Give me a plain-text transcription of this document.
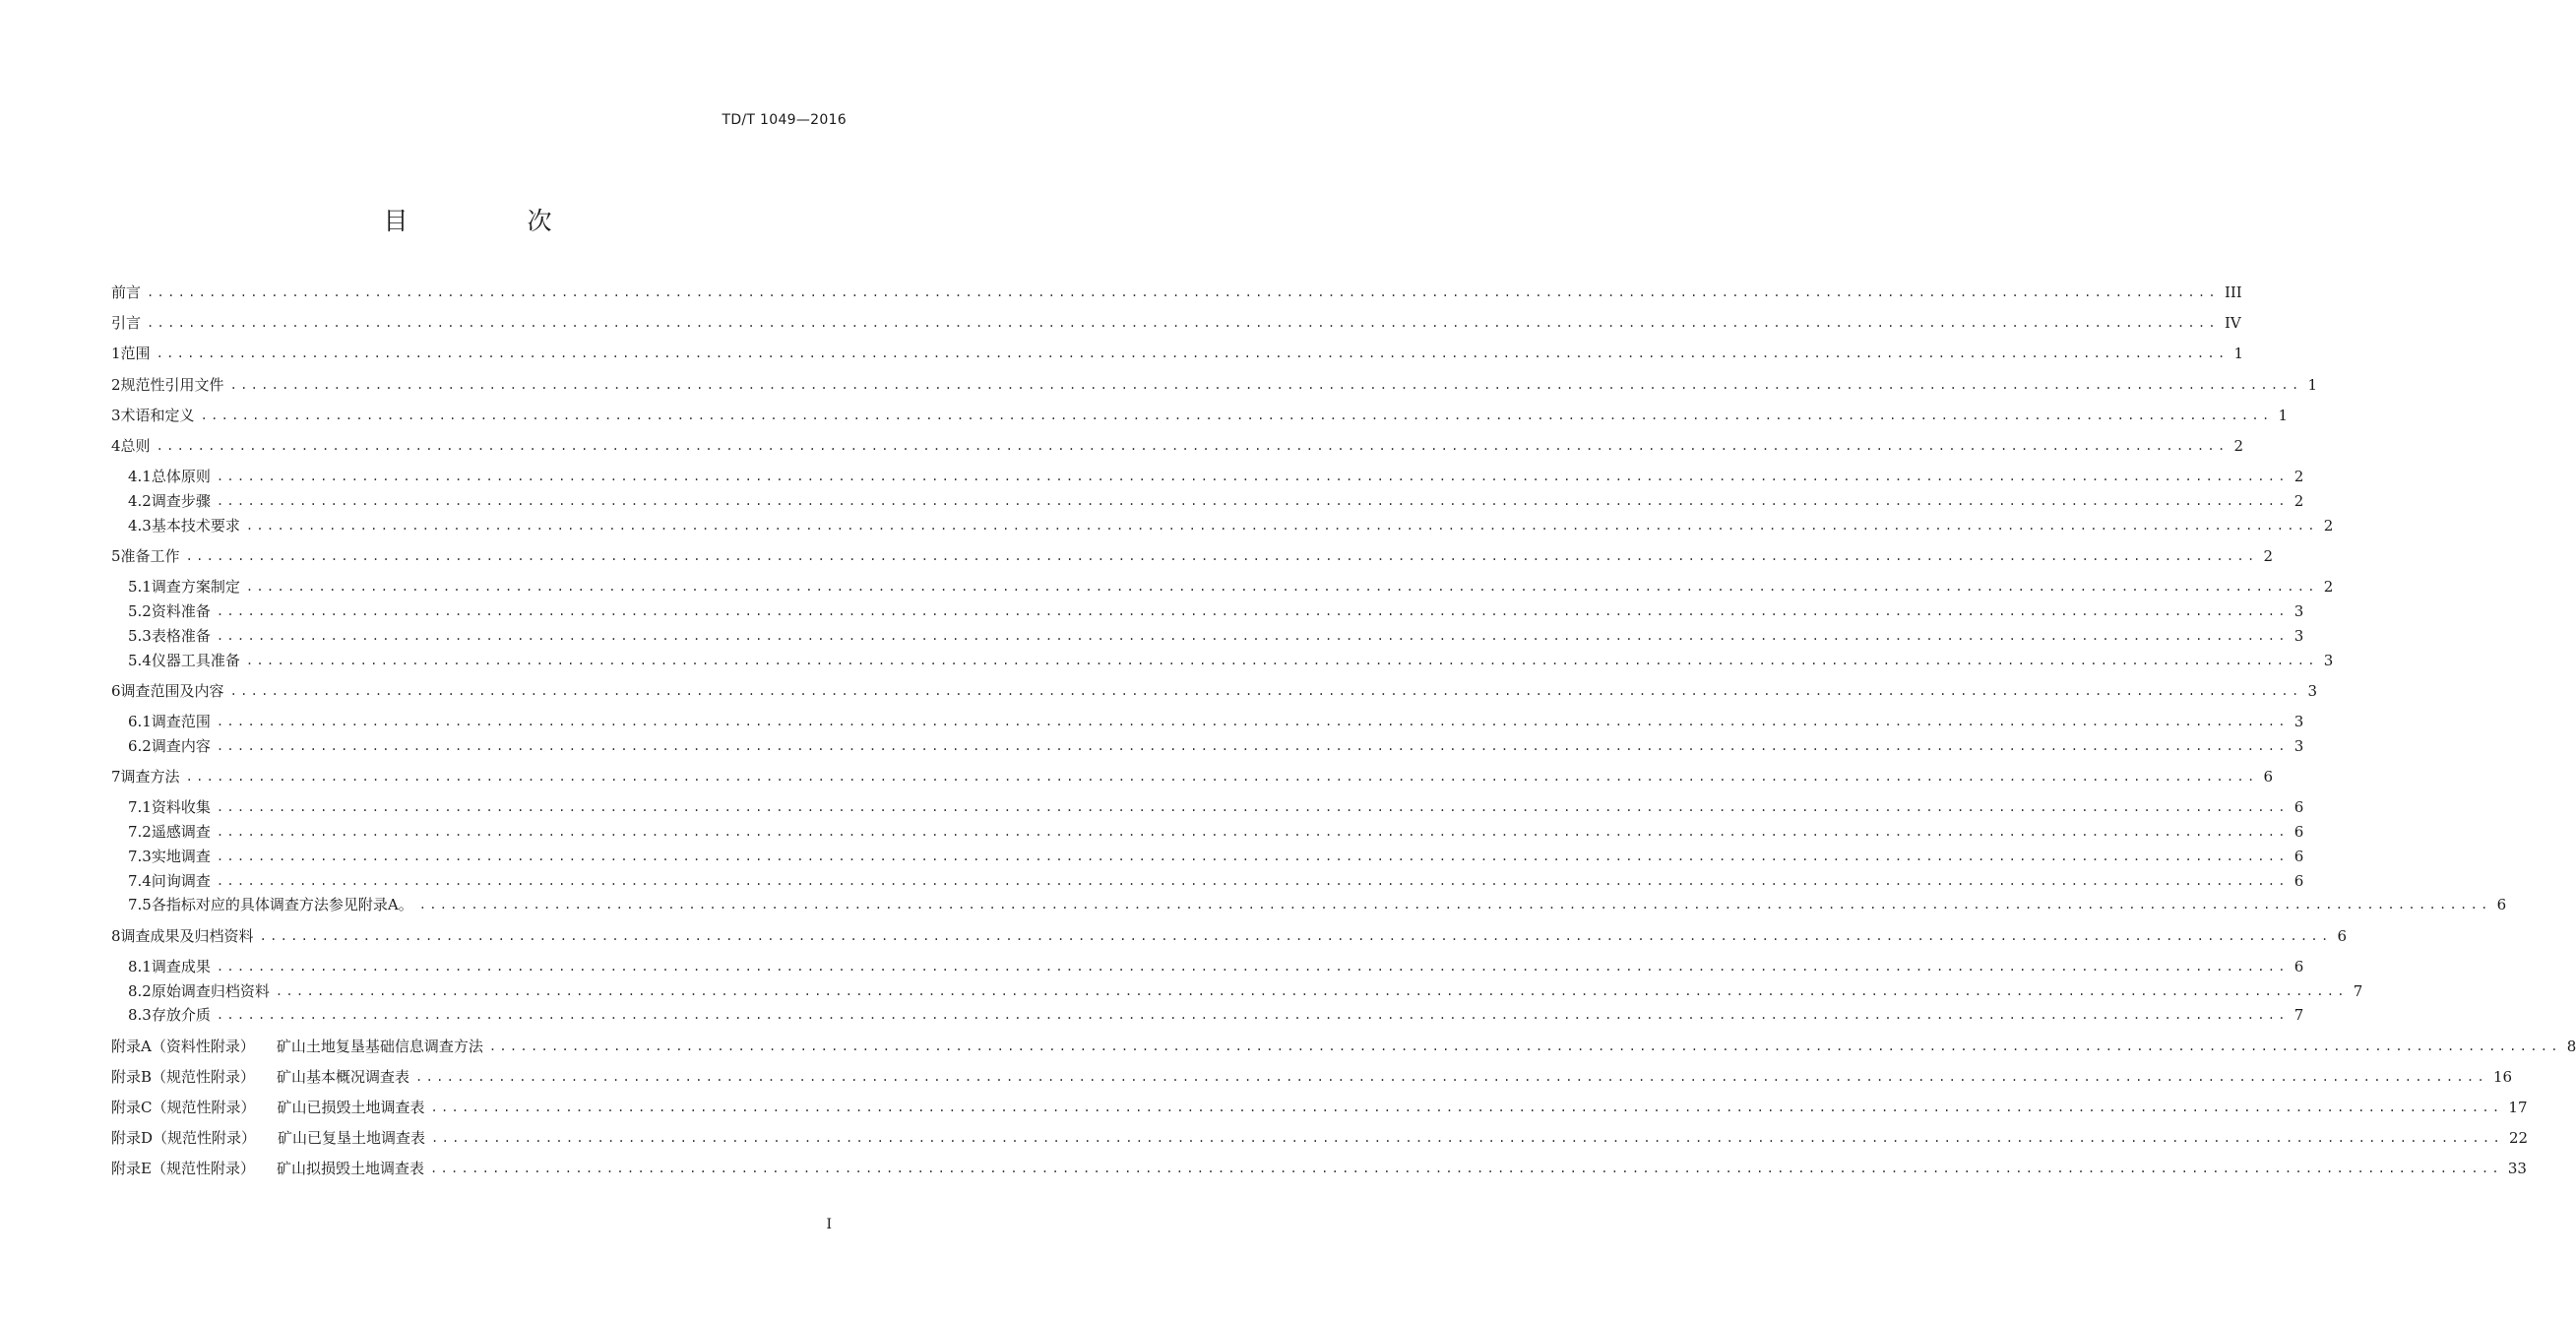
TD/T 1049—2016
目　次
前言 ........................................................................................................................................................................................................ III
引言 ........................................................................................................................................................................................................ IV
1 范围 ........................................................................................................................................................................................................ 1
2 规范性引用文件 ........................................................................................................................................................................................................ 1
3 术语和定义 ........................................................................................................................................................................................................ 1
4 总则 ........................................................................................................................................................................................................ 2
4.1 总体原则 ........................................................................................................................................................................................................ 2
4.2 调查步骤 ........................................................................................................................................................................................................ 2
4.3 基本技术要求 ........................................................................................................................................................................................................ 2
5 准备工作 ........................................................................................................................................................................................................ 2
5.1 调查方案制定 ........................................................................................................................................................................................................ 2
5.2 资料准备 ........................................................................................................................................................................................................ 3
5.3 表格准备 ........................................................................................................................................................................................................ 3
5.4 仪器工具准备 ........................................................................................................................................................................................................ 3
6 调查范围及内容 ........................................................................................................................................................................................................ 3
6.1 调查范围 ........................................................................................................................................................................................................ 3
6.2 调查内容 ........................................................................................................................................................................................................ 3
7 调查方法 ........................................................................................................................................................................................................ 6
7.1 资料收集 ........................................................................................................................................................................................................ 6
7.2 遥感调查 ........................................................................................................................................................................................................ 6
7.3 实地调查 ........................................................................................................................................................................................................ 6
7.4 问询调查 ........................................................................................................................................................................................................ 6
7.5 各指标对应的具体调查方法参见附录A。 ........................................................................................................................................................................................................ 6
8 调查成果及归档资料 ........................................................................................................................................................................................................ 6
8.1 调查成果 ........................................................................................................................................................................................................ 6
8.2 原始调查归档资料 ........................................................................................................................................................................................................ 7
8.3 存放介质 ........................................................................................................................................................................................................ 7
附录A（资料性附录） 矿山土地复垦基础信息调查方法 ........................................................................................................................................................................................................ 8
附录B（规范性附录） 矿山基本概况调查表 ........................................................................................................................................................................................................ 16
附录C（规范性附录） 矿山已损毁土地调查表 ........................................................................................................................................................................................................ 17
附录D（规范性附录） 矿山已复垦土地调查表 ........................................................................................................................................................................................................ 22
附录E（规范性附录） 矿山拟损毁土地调查表 ........................................................................................................................................................................................................ 33
I
